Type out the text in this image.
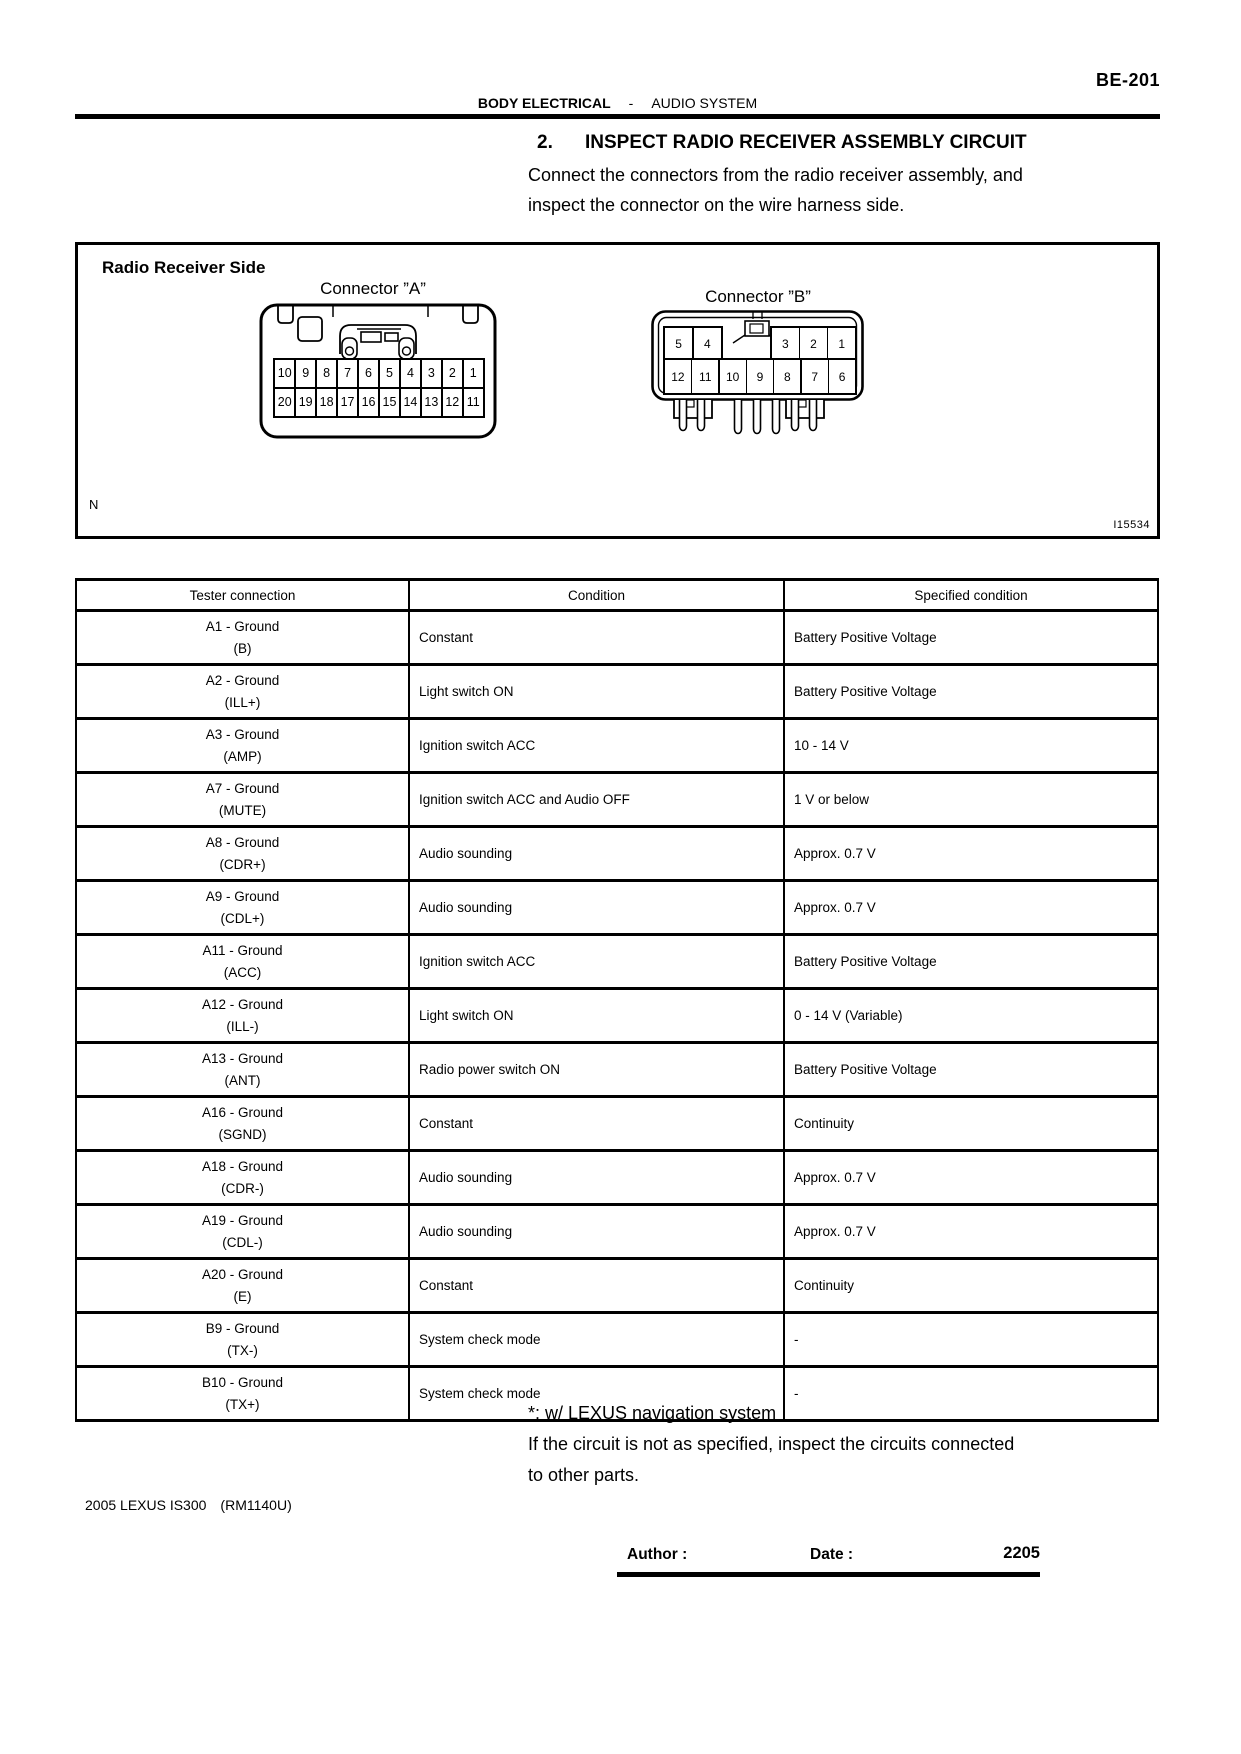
BE-201
BODY ELECTRICAL - AUDIO SYSTEM
2. INSPECT RADIO RECEIVER ASSEMBLY CIRCUIT
Connect the connectors from the radio receiver assembly, and
inspect the connector on the wire harness side.
Radio Receiver Side
Connector ”A”
10 9	8	7	6	5	4	3	2	1
20 19 18 17 16 15 14 13 12 11
Connector ”B”
5	4	3	2	1
12	11	10	9	8	7	6
N
I15534
Tester connection	Condition	Specified condition

A1 - Ground
(B)	Constant	Battery Positive Voltage

A2 - Ground
(ILL+)	Light switch ON	Battery Positive Voltage

A3 - Ground
(AMP)	Ignition switch ACC	10 - 14 V

A7 - Ground
(MUTE)	Ignition switch ACC and Audio OFF	1 V or below

A8 - Ground
(CDR+)	Audio sounding	Approx. 0.7 V

A9 - Ground
(CDL+)	Audio sounding	Approx. 0.7 V

A11 - Ground
(ACC)	Ignition switch ACC	Battery Positive Voltage

A12 - Ground
(ILL-)	Light switch ON	0 - 14 V (Variable)

A13 - Ground
(ANT)	Radio power switch ON	Battery Positive Voltage

A16 - Ground
(SGND)	Constant	Continuity

A18 - Ground
(CDR-)	Audio sounding	Approx. 0.7 V

A19 - Ground
(CDL-)	Audio sounding	Approx. 0.7 V

A20 - Ground
(E)	Constant	Continuity

B9 - Ground
(TX-)	System check mode	-

B10 - Ground
(TX+)	System check mode	-
*: w/ LEXUS navigation system
If the circuit is not as specified, inspect the circuits connected
to other parts.
2005 LEXUS IS300 (RM1140U)
Author :	Date :	2205
